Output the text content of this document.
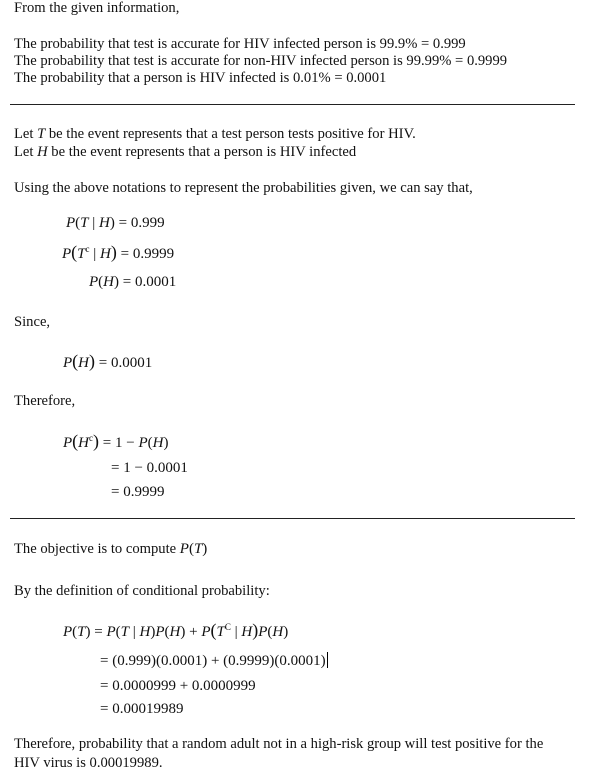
From the given information,
The probability that test is accurate for HIV infected person is 99.9% = 0.999
The probability that test is accurate for non-HIV infected person is 99.99% = 0.9999
The probability that a person is HIV infected is 0.01% = 0.0001
Let T be the event represents that a test person tests positive for HIV.
Let H be the event represents that a person is HIV infected
Using the above notations to represent the probabilities given, we can say that,
P(T | H) = 0.999
$P(T^c$ | H) = 0.9999
P(H) = 0.0001
Since,
P(H) = 0.0001
Therefore,
$P(H^c) = 1 - P(H)$
= 1 − 0.0001
= 0.9999
The objective is to compute P(T)
By the definition of conditional probability:
P(T) = P(T | $H)P(H) + P(T^C$ | H)P(H)
= (0.999)(0.0001) + (0.9999)(0.0001)
= 0.0000999 + 0.0000999
= 0.00019989
Therefore, probability that a random adult not in a high-risk group will test positive for the
HIV virus is 0.00019989.
